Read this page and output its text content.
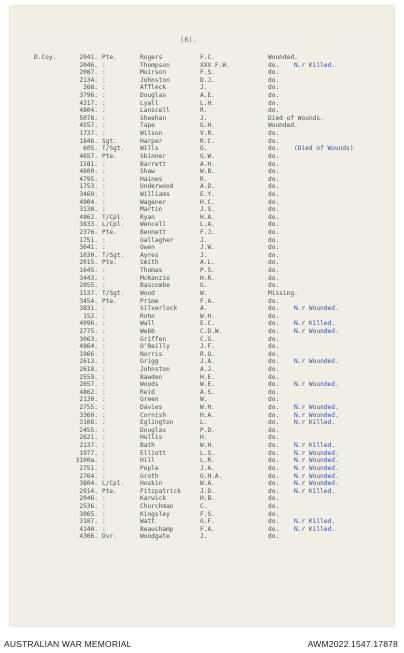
(6).
D.Coy.	2041. Pte.	Rogers	F.C.	Wounded.
2046. :	Thompson	XXX F.W.	do. N.r Killed.
2087. :	Muirson	F.S.	do.
2134. :	Johnston	D.J.	do.
368. :	Affleck	J.	do.
3796. :	Douglas	A.E.	do.
4317. :	Lyall	L.H.	do.
4804. :	Lanscell	R.	do.
5078. :	Sheehan	J.	Died of Wounds.
4557. :	Tape	G.H.	Wounded.
1737. :	Wilson	V.R.	do.
1846. Sgt.	Harper	R.C.	do.
605. T/Sgt.	Wills	G.	do. (Died of Wounds)
4657. Pte.	Skinner	G.W.	do.
1581. :	Barrett	A.H.	do.
4600. :	Shaw	W.B.	do.
4795. :	Haines	R.	do.
1753. :	Underwood	A.D.	do.
3469. :	Williams	E.Y.	do.
4904. :	Wagener	H.C.	do.
3138. :	Martin	J.S.	do.
4862. T/Cpl.	Ryan	H.A.	do.
3833. L/Cpl.	Wencell	L.A.	do.
2376. Pte.	Bennett	F.J.	do.
1751. :	Gallagher	J.	do.
3041. :	Owen	J.W.	do.
1030. T/Sgt.	Ayres	J.	do.
2015. Pte.	Smith	A.L.	do.
1645. :	Thomas	P.S.	do.
3443. :	McKenzie	H.R.	do.
2055. :	Bascombe	G.	do.
1537. T/Sgt.	Wood	W.	Missing.
3454. Pte.	Prime	F.A.	do.
3831. :	Silverlock	A.	do. N.r Wounded.
152. :	Rohn	W.H.	do.
4996. :	Wall	E.C.	do. N.r Killed.
2775. :	Webb	C.D.W.	do. N.r Wounded.
3063. :	Griffen	C.G.	do.
4864. :	O'Reilly	J.F.	do.
1966. :	Norris	R.O.	do.
2613. :	Grigg	J.A.	do. N.r Wounded.
2618. :	Johnston	A.J.	do.
2559. :	Bawden	H.E.	do.
2057. :	Woods	W.E.	do. N.r Wounded.
4862. :	Reid	A.S.	do.
2130. :	Green	W.	do.
2755. :	Davies	W.H.	do. N.r Wounded.
3360. :	Cornish	H.A.	do. N.r Wounded.
3108. :	Eglington	L.	do. N.r Killed.
2455. :	Douglas	P.D.	do.
2621. :	Hollis	H.	do.
2137. :	Bath	W.H.	do. N.r Killed.
1977. :	Elliott	L.S.	do. N.r Wounded.
3100a. :	Hill	L.R.	do. N.r Wounded.
2751. :	Peple	J.A.	do. N.r Wounded.
2764. :	Groth	G.H.A.	do. N.r Wounded.
3804. L/Cpl.	Hoskin	W.A.	do. N.r Wounded.
2914. Pte.	Fitzpatrick	J.D.	do. N.r Killed.
2046. :	Karwick	H.B.	do.
2536. :	Churchman	C.	do.
3065. :	Kingsley	F.S.	do.
3107. :	Watt	G.F.	do. N.r Killed.
4140. :	Beauchamp	F.A.	do. N.r Killed.
4306. Dvr.	Woodgate	J.	do.
AUSTRALIAN WAR MEMORIAL	AWM2022.1547.17878
